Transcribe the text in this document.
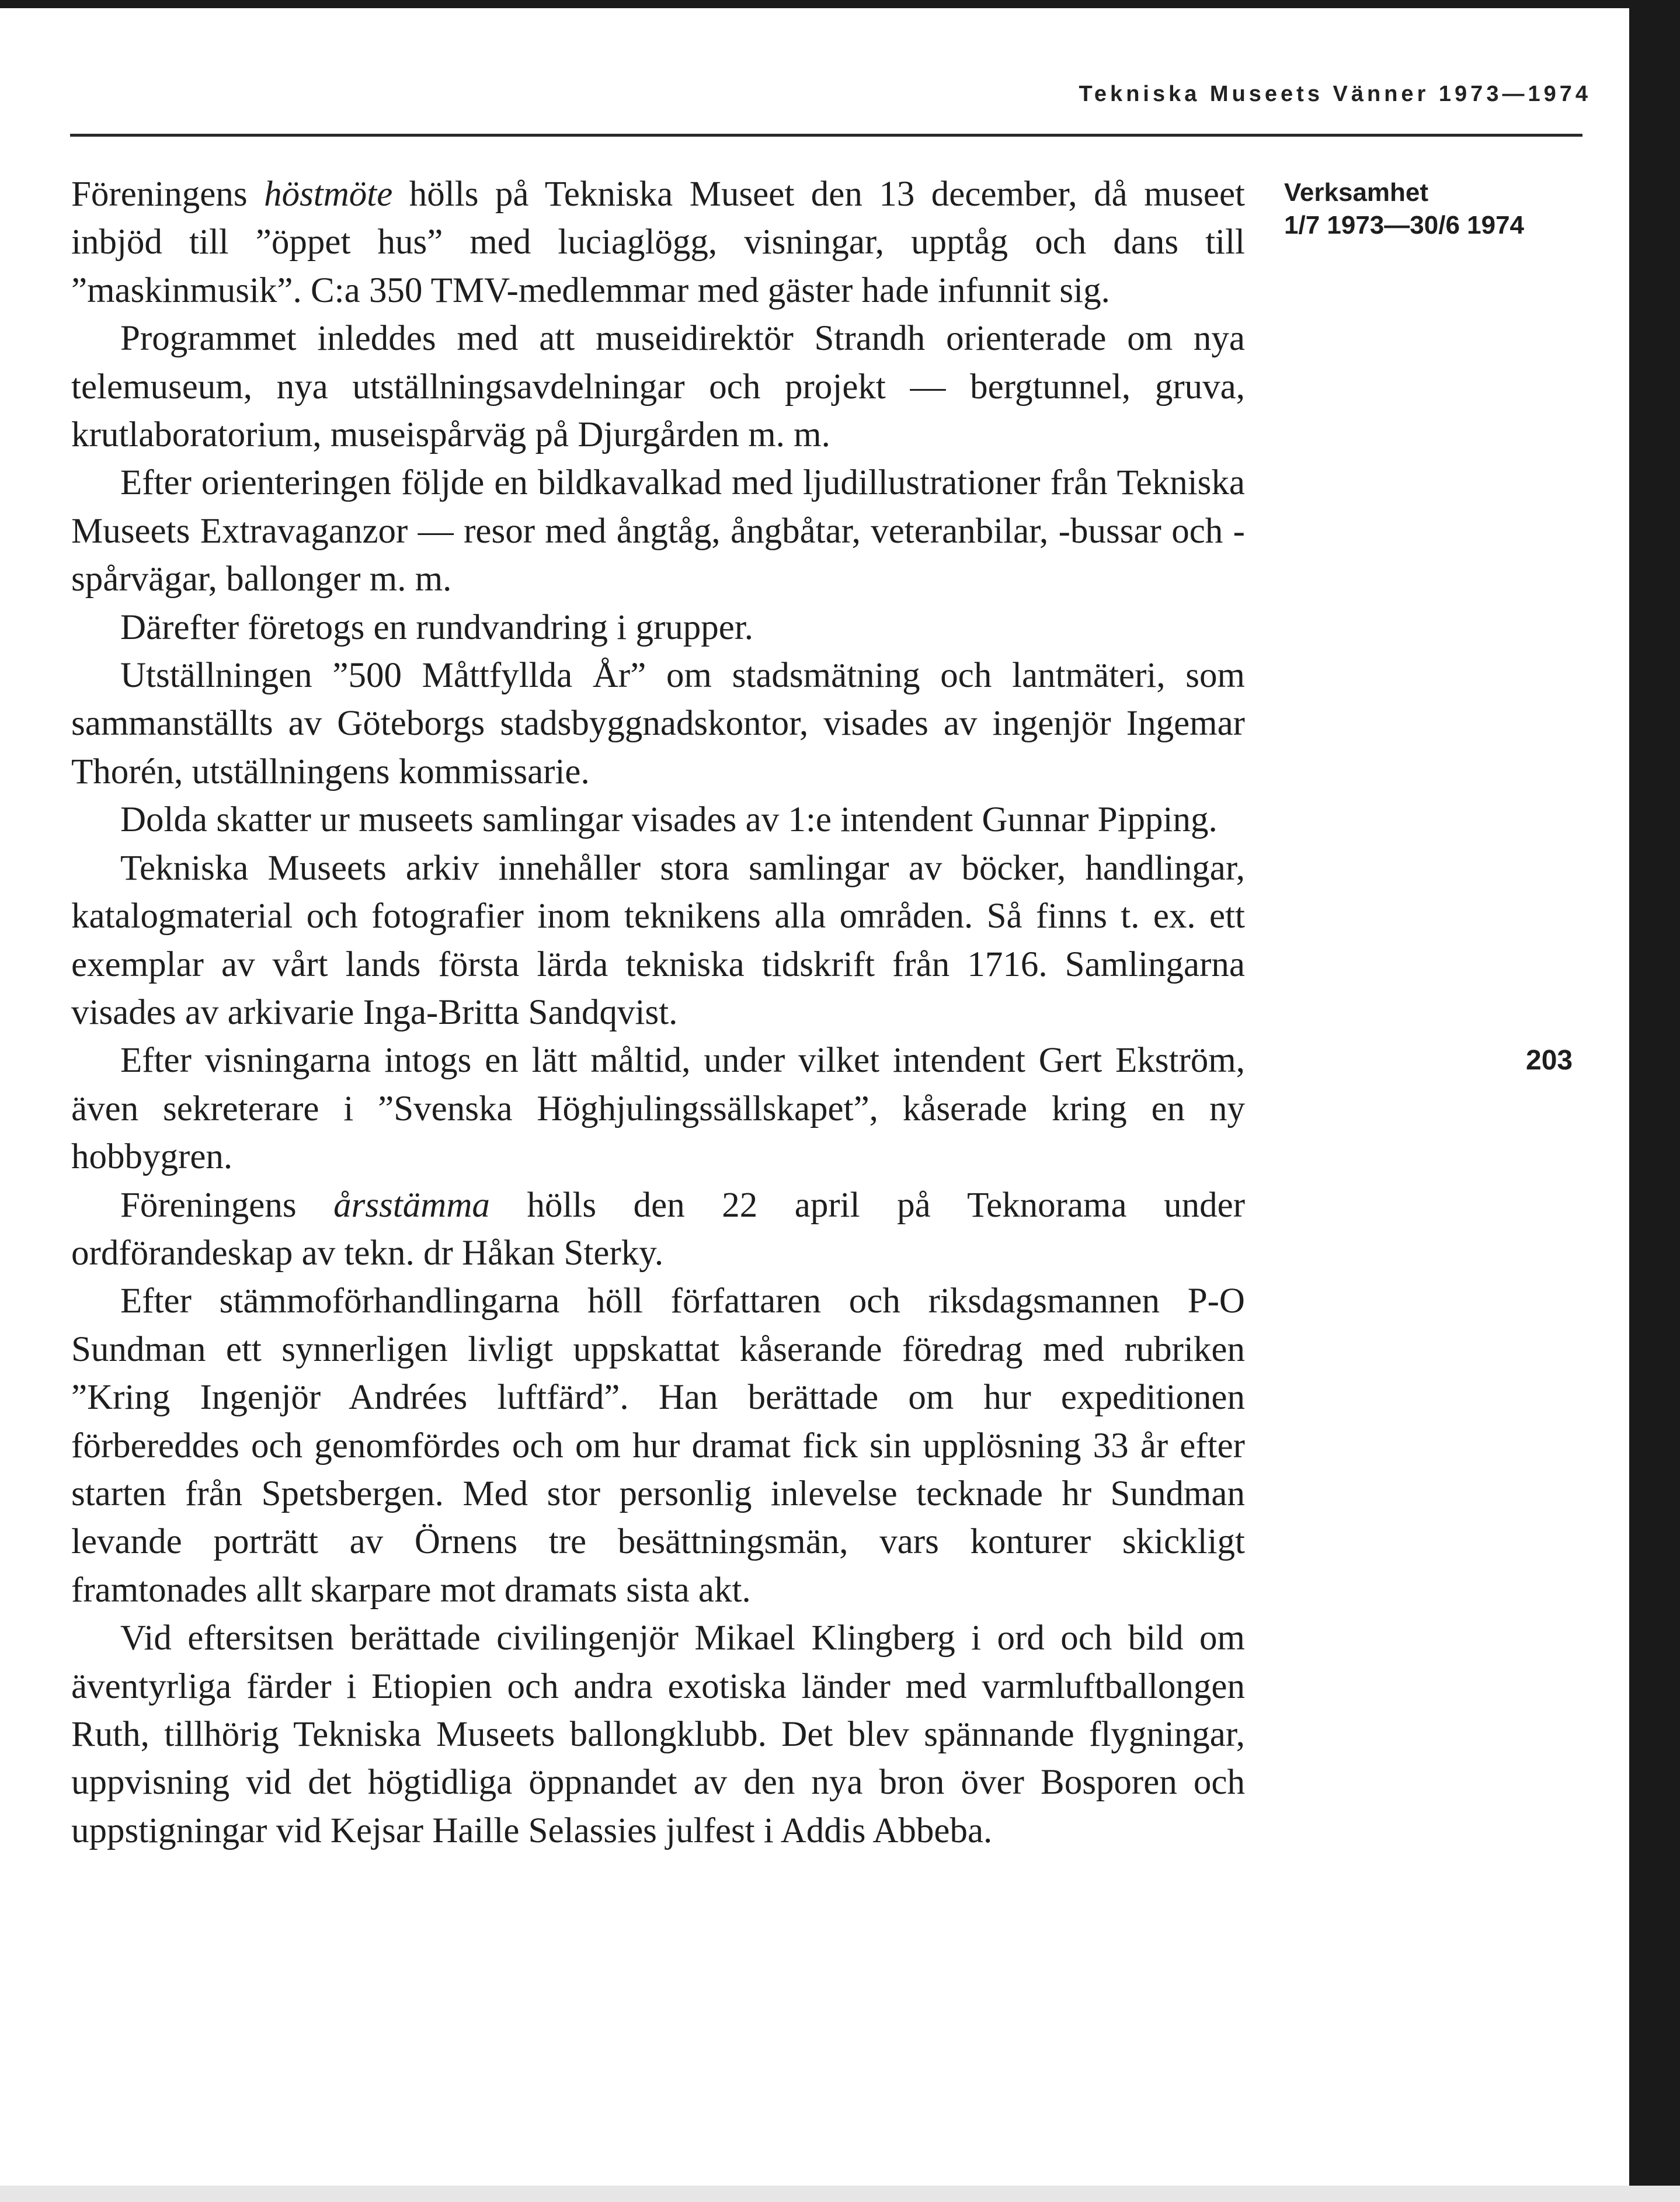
Tekniska Museets Vänner 1973—1974

Föreningens höstmöte hölls på Tekniska Museet den 13 december, då museet inbjöd till ”öppet hus” med luciaglögg, visningar, upptåg och dans till ”maskinmusik”. C:a 350 TMV-medlemmar med gäster hade infunnit sig.

Programmet inleddes med att museidirektör Strandh orienterade om nya telemuseum, nya utställningsavdelningar och projekt — bergtunnel, gruva, krutlaboratorium, museispårväg på Djurgården m. m.

Efter orienteringen följde en bildkavalkad med ljudillustrationer från Tekniska Museets Extravaganzor — resor med ångtåg, ångbåtar, veteranbilar, -bussar och -spårvägar, ballonger m. m.

Därefter företogs en rundvandring i grupper.

Utställningen ”500 Måttfyllda År” om stadsmätning och lantmäteri, som sammanställts av Göteborgs stadsbyggnadskontor, visades av ingenjör Ingemar Thorén, utställningens kommissarie.

Dolda skatter ur museets samlingar visades av 1:e intendent Gunnar Pipping.

Tekniska Museets arkiv innehåller stora samlingar av böcker, handlingar, katalogmaterial och fotografier inom teknikens alla områden. Så finns t. ex. ett exemplar av vårt lands första lärda tekniska tidskrift från 1716. Samlingarna visades av arkivarie Inga-Britta Sandqvist.

Efter visningarna intogs en lätt måltid, under vilket intendent Gert Ekström, även sekreterare i ”Svenska Höghjulingssällskapet”, kåserade kring en ny hobbygren.

Föreningens årsstämma hölls den 22 april på Teknorama under ordförandeskap av tekn. dr Håkan Sterky.

Efter stämmoförhandlingarna höll författaren och riksdagsmannen P-O Sundman ett synnerligen livligt uppskattat kåserande föredrag med rubriken ”Kring Ingenjör Andrées luftfärd”. Han berättade om hur expeditionen förbereddes och genomfördes och om hur dramat fick sin upplösning 33 år efter starten från Spetsbergen. Med stor personlig inlevelse tecknade hr Sundman levande porträtt av Örnens tre besättningsmän, vars konturer skickligt framtonades allt skarpare mot dramats sista akt.

Vid eftersitsen berättade civilingenjör Mikael Klingberg i ord och bild om äventyrliga färder i Etiopien och andra exotiska länder med varmluftballongen Ruth, tillhörig Tekniska Museets ballongklubb. Det blev spännande flygningar, uppvisning vid det högtidliga öppnandet av den nya bron över Bosporen och uppstigningar vid Kejsar Haille Selassies julfest i Addis Abbeba.

Verksamhet
1/7 1973—30/6 1974
203
